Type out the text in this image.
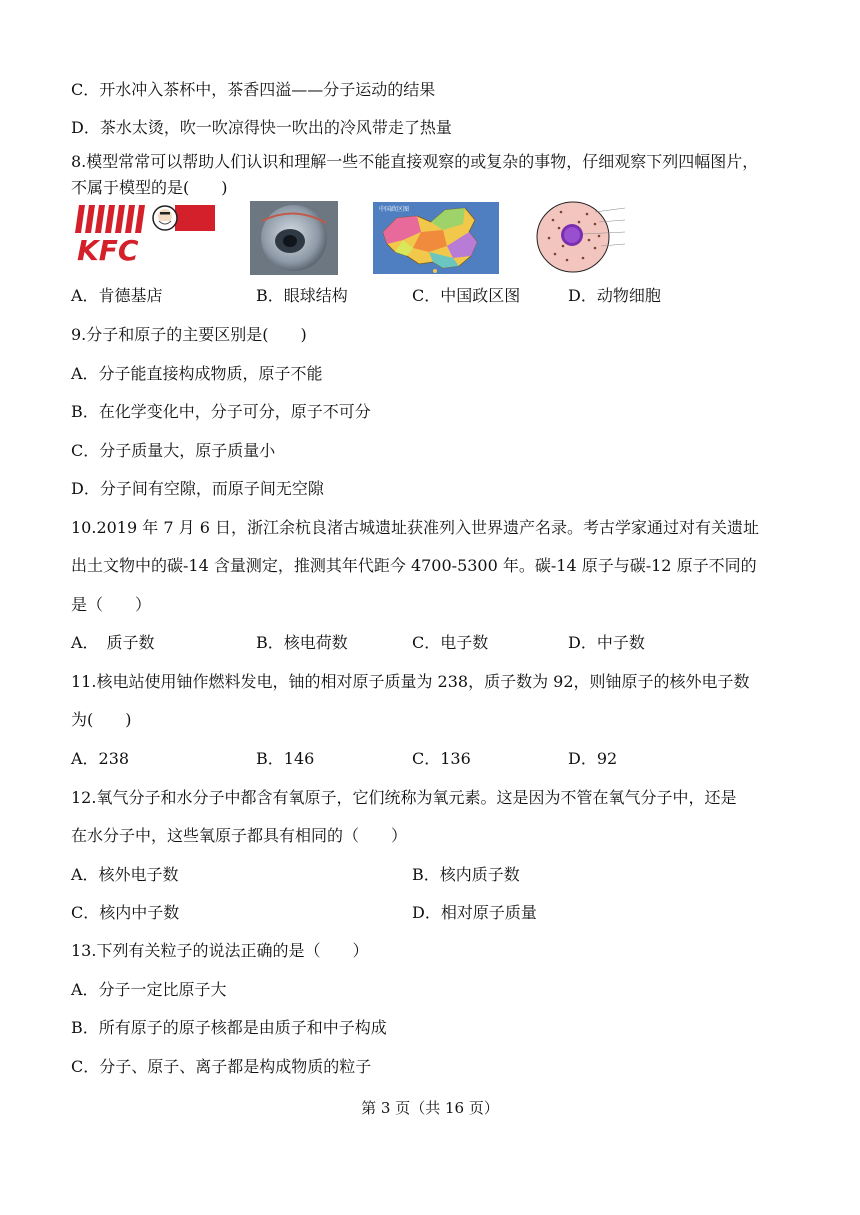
C．开水冲入茶杯中，茶香四溢——分子运动的结果
D．茶水太烫，吹一吹凉得快一吹出的冷风带走了热量
8.模型常常可以帮助人们认识和理解一些不能直接观察的或复杂的事物，仔细观察下列四幅图片，
不属于模型的是(　　)
KFC
中国政区图
A．肯德基店	B．眼球结构	C．中国政区图	D．动物细胞
9.分子和原子的主要区别是(　　)
A．分子能直接构成物质，原子不能
B．在化学变化中，分子可分，原子不可分
C．分子质量大，原子质量小
D．分子间有空隙，而原子间无空隙
10.2019 年 7 月 6 日，浙江余杭良渚古城遗址获准列入世界遗产名录。考古学家通过对有关遗址
出土文物中的碳-14 含量测定，推测其年代距今 4700-5300 年。碳-14 原子与碳-12 原子不同的
是（　　）
A．　质子数	B．核电荷数	C．电子数	D．中子数
11.核电站使用铀作燃料发电，铀的相对原子质量为 238，质子数为 92，则铀原子的核外电子数
为(　　)
A．238	B．146	C．136	D．92
12.氧气分子和水分子中都含有氧原子，它们统称为氧元素。这是因为不管在氧气分子中，还是
在水分子中，这些氧原子都具有相同的（　　）
A．核外电子数	B．核内质子数
C．核内中子数	D．相对原子质量
13.下列有关粒子的说法正确的是（　　）
A．分子一定比原子大
B．所有原子的原子核都是由质子和中子构成
C．分子、原子、离子都是构成物质的粒子
第 3 页（共 16 页）
